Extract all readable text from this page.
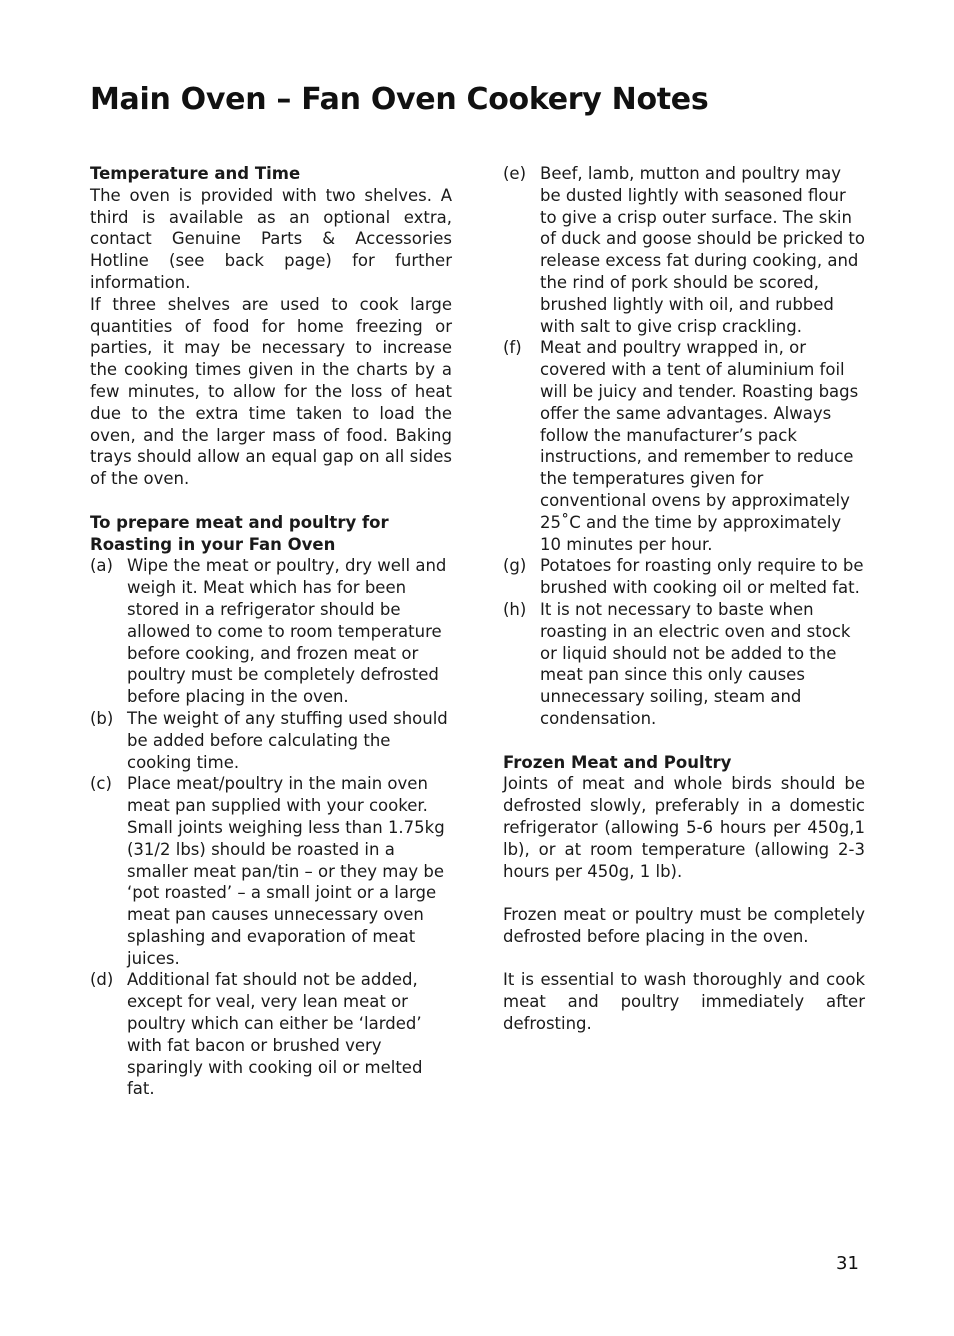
Main Oven – Fan Oven Cookery Notes

Temperature and Time

The oven is provided with two shelves. A third is available as an optional extra, contact Genuine Parts & Accessories Hotline (see back page) for further information.

If three shelves are used to cook large quantities of food for home freezing or parties, it may be necessary to increase the cooking times given in the charts by a few minutes, to allow for the loss of heat due to the extra time taken to load the oven, and the larger mass of food. Baking trays should allow an equal gap on all sides of the oven.

To prepare meat and poultry for
Roasting in your Fan Oven

(a) Wipe the meat or poultry, dry well and weigh it. Meat which has for been stored in a refrigerator should be allowed to come to room temperature before cooking, and frozen meat or poultry must be completely defrosted before placing in the oven.
(b) The weight of any stuffing used should be added before calculating the cooking time.
(c) Place meat/poultry in the main oven meat pan supplied with your cooker. Small joints weighing less than 1.75kg (31/2 lbs) should be roasted in a smaller meat pan/tin – or they may be ‘pot roasted’ – a small joint or a large meat pan causes unnecessary oven splashing and evaporation of meat juices.
(d) Additional fat should not be added, except for veal, very lean meat or poultry which can either be ‘larded’ with fat bacon or brushed very sparingly with cooking oil or melted fat.
(e) Beef, lamb, mutton and poultry may be dusted lightly with seasoned flour to give a crisp outer surface. The skin of duck and goose should be pricked to release excess fat during cooking, and the rind of pork should be scored, brushed lightly with oil, and rubbed with salt to give crisp crackling.
(f)	Meat and poultry wrapped in, or covered with a tent of aluminium foil will be juicy and tender. Roasting bags offer the same advantages. Always follow the manufacturer’s pack instructions, and remember to reduce the temperatures given for conventional ovens by approximately 25˚C and the time by approximately 10 minutes per hour.
(g) Potatoes for roasting only require to be brushed with cooking oil or melted fat.
(h) It is not necessary to baste when roasting in an electric oven and stock or liquid should not be added to the meat pan since this only causes unnecessary soiling, steam and condensation.

Frozen Meat and Poultry

Joints of meat and whole birds should be defrosted slowly, preferably in a domestic refrigerator (allowing 5-6 hours per 450g,1 lb), or at room temperature (allowing 2-3 hours per 450g, 1 lb).

Frozen meat or poultry must be completely defrosted before placing in the oven.

It is essential to wash thoroughly and cook meat and poultry immediately after defrosting.

31
